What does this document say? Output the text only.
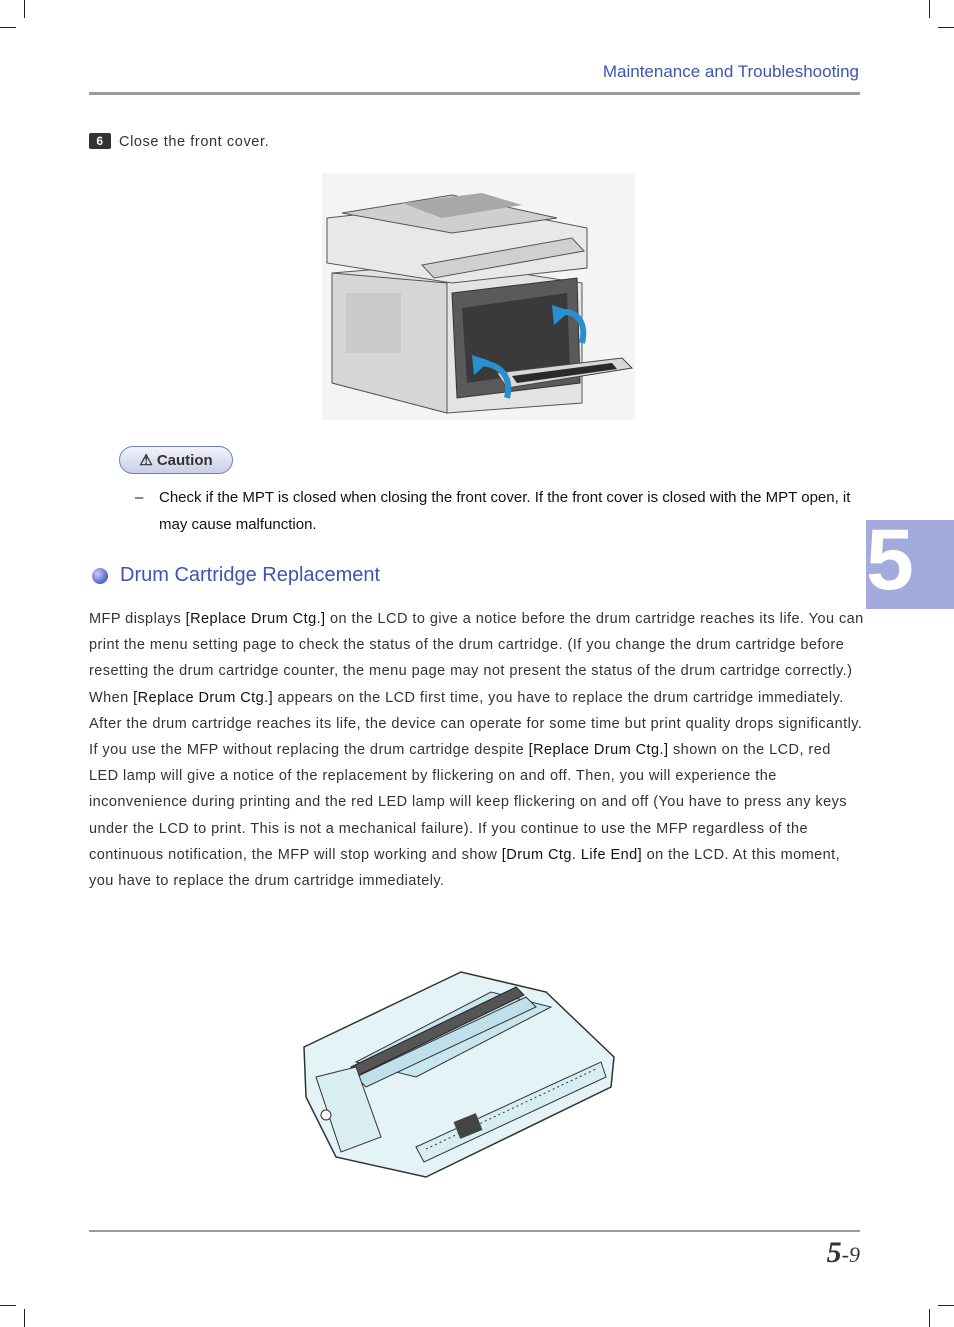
Maintenance and Troubleshooting
6 Close the front cover.
⚠ Caution
– Check if the MPT is closed when closing the front cover. If the front cover is closed with the MPT open, it may cause malfunction.
Drum Cartridge Replacement
MFP displays [Replace Drum Ctg.] on the LCD to give a notice before the drum cartridge reaches its life. You can print the menu setting page to check the status of the drum cartridge. (If you change the drum cartridge before resetting the drum cartridge counter, the menu page may not present the status of the drum cartridge correctly.) When [Replace Drum Ctg.] appears on the LCD first time, you have to replace the drum cartridge immediately. After the drum cartridge reaches its life, the device can operate for some time but print quality drops significantly.
If you use the MFP without replacing the drum cartridge despite [Replace Drum Ctg.] shown on the LCD, red LED lamp will give a notice of the replacement by flickering on and off. Then, you will experience the inconvenience during printing and the red LED lamp will keep flickering on and off (You have to press any keys under the LCD to print. This is not a mechanical failure). If you continue to use the MFP regardless of the continuous notification, the MFP will stop working and show [Drum Ctg. Life End] on the LCD. At this moment, you have to replace the drum cartridge immediately.
5-9
5
